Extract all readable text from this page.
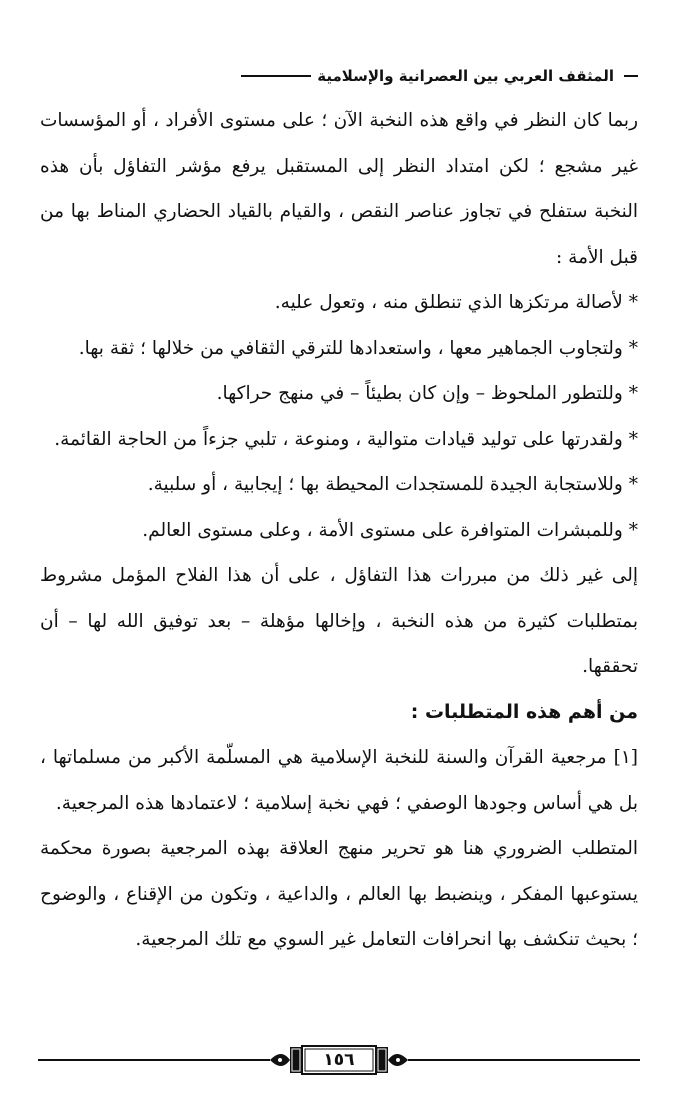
المثقف العربي بين العصرانية والإسلامية

ربما كان النظر في واقع هذه النخبة الآن ؛ على مستوى الأفراد ، أو المؤسسات غير مشجع ؛ لكن امتداد النظر إلى المستقبل يرفع مؤشر التفاؤل بأن هذه النخبة ستفلح في تجاوز عناصر النقص ، والقيام بالقياد الحضاري المناط بها من قبل الأمة :

* لأصالة مرتكزها الذي تنطلق منه ، وتعول عليه.

* ولتجاوب الجماهير معها ، واستعدادها للترقي الثقافي من خلالها ؛ ثقة بها.

* وللتطور الملحوظ – وإن كان بطيئاً – في منهج حراكها.

* ولقدرتها على توليد قيادات متوالية ، ومنوعة ، تلبي جزءاً من الحاجة القائمة.

* وللاستجابة الجيدة للمستجدات المحيطة بها ؛ إيجابية ، أو سلبية.

* وللمبشرات المتوافرة على مستوى الأمة ، وعلى مستوى العالم.

إلى غير ذلك من مبررات هذا التفاؤل ، على أن هذا الفلاح المؤمل مشروط بمتطلبات كثيرة من هذه النخبة ، وإخالها مؤهلة – بعد توفيق الله لها – أن تحققها.

من أهم هذه المتطلبات :

[١] مرجعية القرآن والسنة للنخبة الإسلامية هي المسلّمة الأكبر من مسلماتها ، بل هي أساس وجودها الوصفي ؛ فهي نخبة إسلامية ؛ لاعتمادها هذه المرجعية.

المتطلب الضروري هنا هو تحرير منهج العلاقة بهذه المرجعية بصورة محكمة يستوعبها المفكر ، وينضبط بها العالم ، والداعية ، وتكون من الإقناع ، والوضوح ؛ بحيث تنكشف بها انحرافات التعامل غير السوي مع تلك المرجعية.

١٥٦
